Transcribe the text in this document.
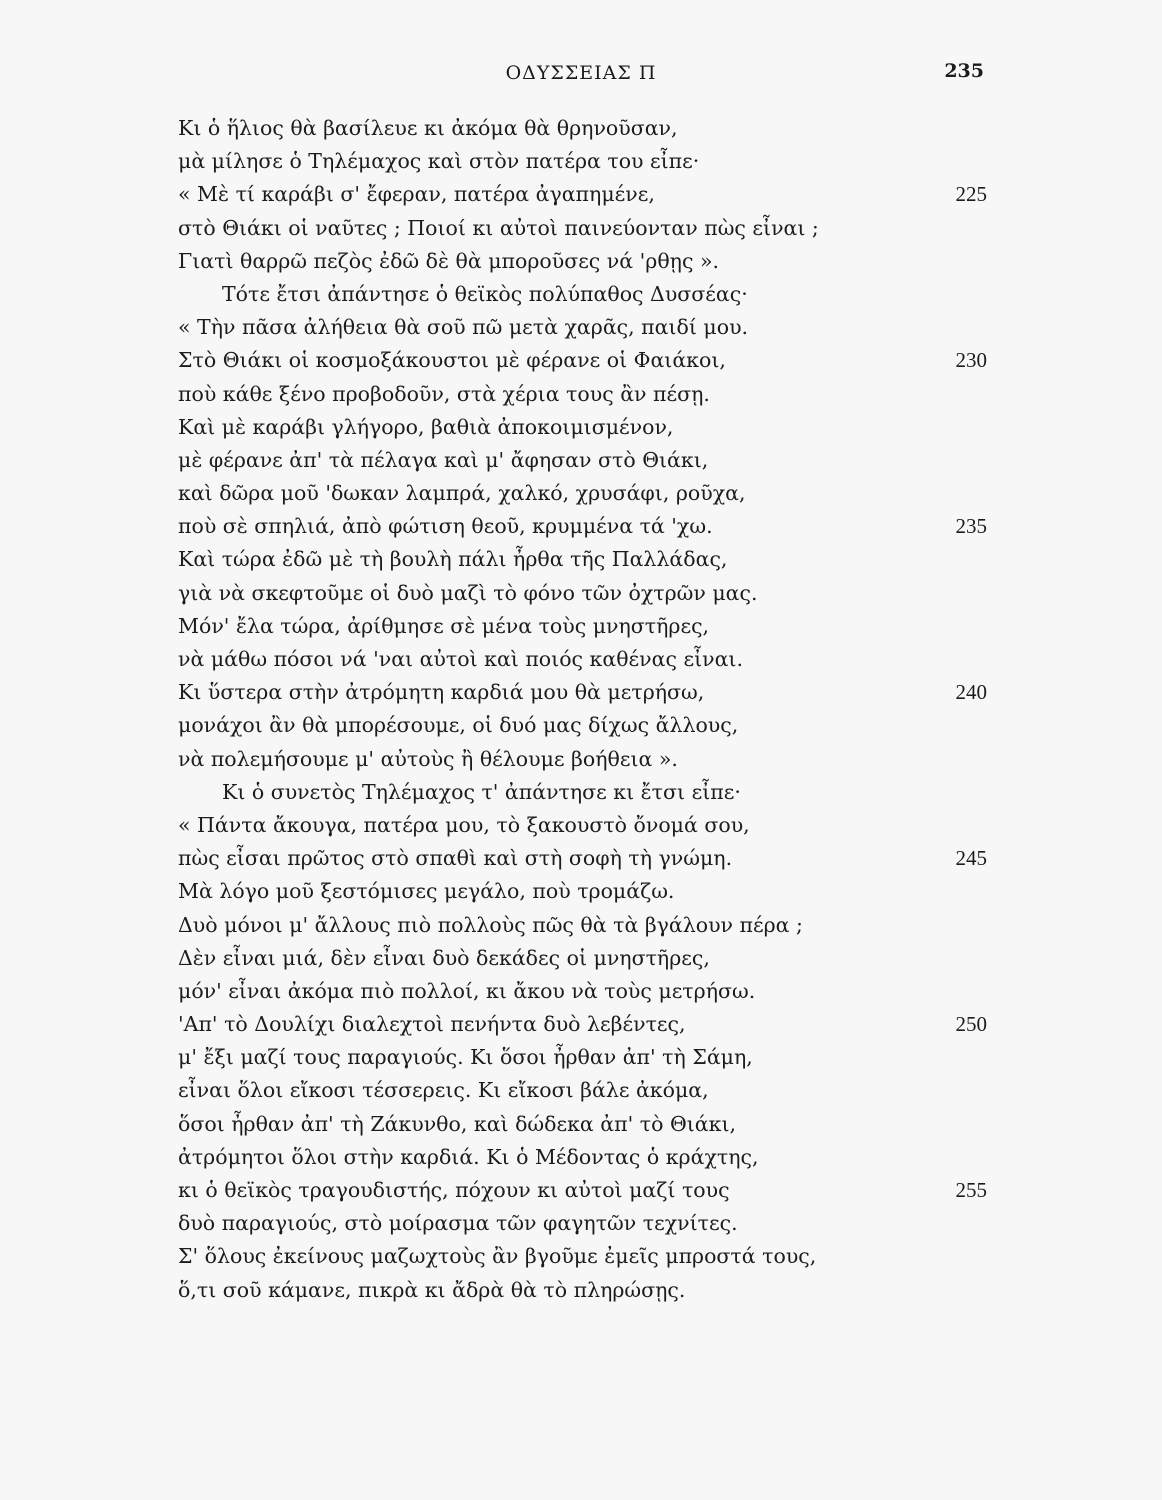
ΟΔΥΣΣΕΙΑΣ Π	235
Κι ὁ ἥλιος θὰ βασίλευε κι ἀκόμα θὰ θρηνοῦσαν,
μὰ μίλησε ὁ Τηλέμαχος καὶ στὸν πατέρα του εἶπε·
« Μὲ τί καράβι σ' ἔφεραν, πατέρα ἀγαπημένε,	225
στὸ Θιάκι οἱ ναῦτες ; Ποιοί κι αὐτοὶ παινεύονταν πὼς εἶναι ;
Γιατὶ θαρρῶ πεζὸς ἐδῶ δὲ θὰ μποροῦσες νά 'ρθῃς ».
Τότε ἔτσι ἀπάντησε ὁ θεϊκὸς πολύπαθος Δυσσέας·
« Τὴν πᾶσα ἀλήθεια θὰ σοῦ πῶ μετὰ χαρᾶς, παιδί μου.
Στὸ Θιάκι οἱ κοσμοξάκουστοι μὲ φέρανε οἱ Φαιάκοι,	230
ποὺ κάθε ξένο προβοδοῦν, στὰ χέρια τους ἂν πέσῃ.
Καὶ μὲ καράβι γλήγορο, βαθιὰ ἀποκοιμισμένον,
μὲ φέρανε ἀπ' τὰ πέλαγα καὶ μ' ἄφησαν στὸ Θιάκι,
καὶ δῶρα μοῦ 'δωκαν λαμπρά, χαλκό, χρυσάφι, ροῦχα,
ποὺ σὲ σπηλιά, ἀπὸ φώτιση θεοῦ, κρυμμένα τά 'χω.	235
Καὶ τώρα ἐδῶ μὲ τὴ βουλὴ πάλι ἦρθα τῆς Παλλάδας,
γιὰ νὰ σκεφτοῦμε οἱ δυὸ μαζὶ τὸ φόνο τῶν ὀχτρῶν μας.
Μόν' ἔλα τώρα, ἀρίθμησε σὲ μένα τοὺς μνηστῆρες,
νὰ μάθω πόσοι νά 'ναι αὐτοὶ καὶ ποιός καθένας εἶναι.
Κι ὕστερα στὴν ἀτρόμητη καρδιά μου θὰ μετρήσω,	240
μονάχοι ἂν θὰ μπορέσουμε, οἱ δυό μας δίχως ἄλλους,
νὰ πολεμήσουμε μ' αὐτοὺς ἢ θέλουμε βοήθεια ».
Κι ὁ συνετὸς Τηλέμαχος τ' ἀπάντησε κι ἔτσι εἶπε·
« Πάντα ἄκουγα, πατέρα μου, τὸ ξακουστὸ ὄνομά σου,
πὼς εἶσαι πρῶτος στὸ σπαθὶ καὶ στὴ σοφὴ τὴ γνώμη.	245
Μὰ λόγο μοῦ ξεστόμισες μεγάλο, ποὺ τρομάζω.
Δυὸ μόνοι μ' ἄλλους πιὸ πολλοὺς πῶς θὰ τὰ βγάλουν πέρα ;
Δὲν εἶναι μιά, δὲν εἶναι δυὸ δεκάδες οἱ μνηστῆρες,
μόν' εἶναι ἀκόμα πιὸ πολλοί, κι ἄκου νὰ τοὺς μετρήσω.
'Απ' τὸ Δουλίχι διαλεχτοὶ πενήντα δυὸ λεβέντες,	250
μ' ἔξι μαζί τους παραγιούς. Κι ὅσοι ἦρθαν ἀπ' τὴ Σάμη,
εἶναι ὅλοι εἴκοσι τέσσερεις. Κι εἴκοσι βάλε ἀκόμα,
ὅσοι ἦρθαν ἀπ' τὴ Ζάκυνθο, καὶ δώδεκα ἀπ' τὸ Θιάκι,
ἀτρόμητοι ὅλοι στὴν καρδιά. Κι ὁ Μέδοντας ὁ κράχτης,
κι ὁ θεϊκὸς τραγουδιστής, πόχουν κι αὐτοὶ μαζί τους	255
δυὸ παραγιούς, στὸ μοίρασμα τῶν φαγητῶν τεχνίτες.
Σ' ὅλους ἐκείνους μαζωχτοὺς ἂν βγοῦμε ἐμεῖς μπροστά τους,
ὅ,τι σοῦ κάμανε, πικρὰ κι ἄδρὰ θὰ τὸ πληρώσῃς.
